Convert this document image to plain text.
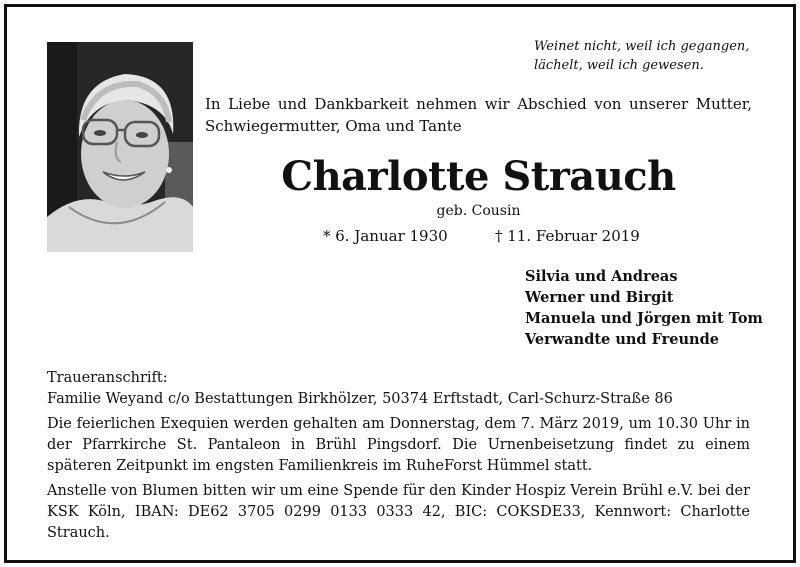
Weinet nicht, weil ich gegangen,
lächelt, weil ich gewesen.
In Liebe und Dankbarkeit nehmen wir Abschied von unserer Mutter, Schwiegermutter, Oma und Tante
Charlotte Strauch
geb. Cousin
* 6. Januar 1930	† 11. Februar 2019
Silvia und Andreas
Werner und Birgit
Manuela und Jörgen mit Tom
Verwandte und Freunde

Traueranschrift:

Familie Weyand c/o Bestattungen Birkhölzer, 50374 Erftstadt, Carl-Schurz-Straße 86

Die feierlichen Exequien werden gehalten am Donnerstag, dem 7. März 2019, um 10.30 Uhr in der Pfarrkirche St. Pantaleon in Brühl Pingsdorf. Die Urnenbeisetzung findet zu einem späteren Zeitpunkt im engsten Familienkreis im RuheForst Hümmel statt.

Anstelle von Blumen bitten wir um eine Spende für den Kinder Hospiz Verein Brühl e.V. bei der KSK Köln, IBAN: DE62 3705 0299 0133 0333 42, BIC: COKSDE33, Kennwort: Charlotte Strauch.
